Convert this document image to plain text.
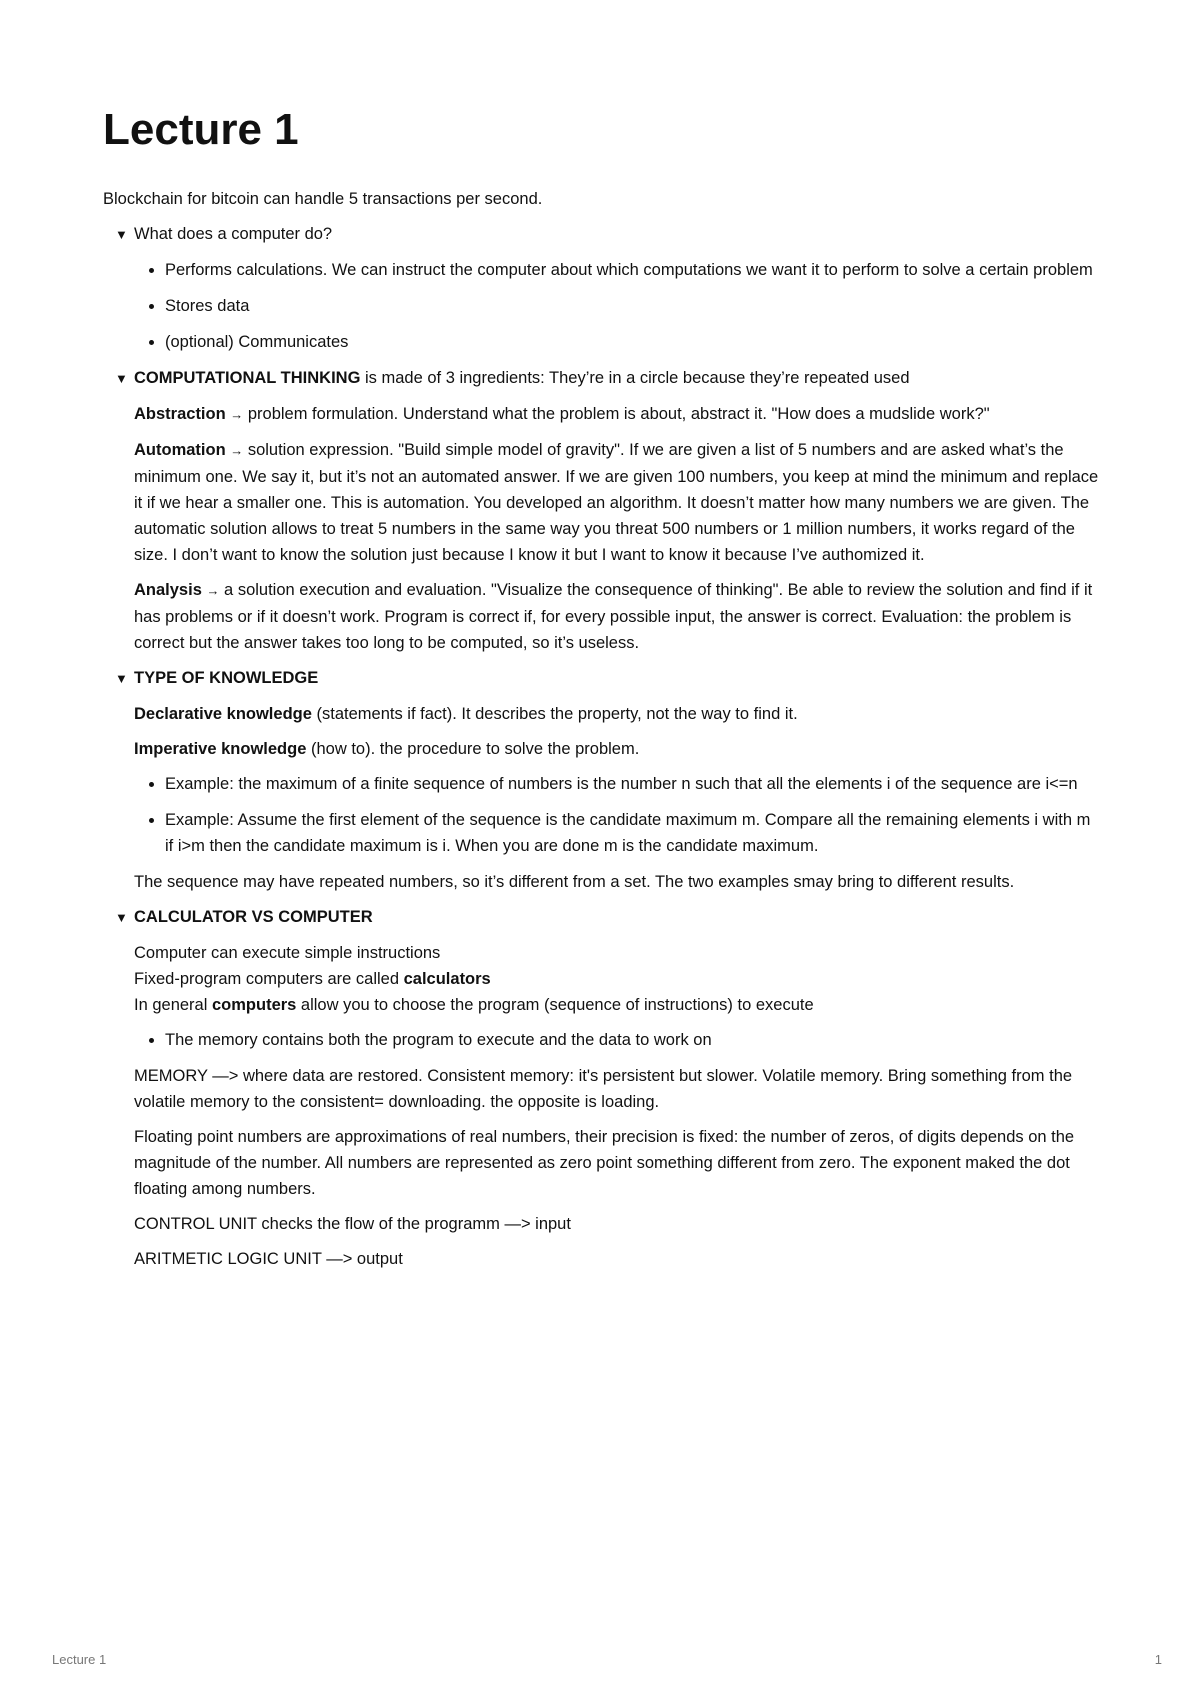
Lecture 1

Blockchain for bitcoin can handle 5 transactions per second.

▼ What does a computer do?
• Performs calculations. We can instruct the computer about which computations we want it to perform to solve a certain problem
• Stores data
• (optional) Communicates
▼ COMPUTATIONAL THINKING is made of 3 ingredients: They’re in a circle because they’re repeated used

Abstraction → problem formulation. Understand what the problem is about, abstract it. "How does a mudslide work?"

Automation → solution expression. "Build simple model of gravity". If we are given a list of 5 numbers and are asked what’s the minimum one. We say it, but it’s not an automated answer. If we are given 100 numbers, you keep at mind the minimum and replace it if we hear a smaller one. This is automation. You developed an algorithm. It doesn’t matter how many numbers we are given. The automatic solution allows to treat 5 numbers in the same way you threat 500 numbers or 1 million numbers, it works regard of the size. I don’t want to know the solution just because I know it but I want to know it because I’ve authomized it.

Analysis → a solution execution and evaluation. "Visualize the consequence of thinking". Be able to review the solution and find if it has problems or if it doesn’t work. Program is correct if, for every possible input, the answer is correct. Evaluation: the problem is correct but the answer takes too long to be computed, so it’s useless.

▼ TYPE OF KNOWLEDGE

Declarative knowledge (statements if fact). It describes the property, not the way to find it.

Imperative knowledge (how to). the procedure to solve the problem.

• Example: the maximum of a finite sequence of numbers is the number n such that all the elements i of the sequence are i<=n
• Example: Assume the first element of the sequence is the candidate maximum m. Compare all the remaining elements i with m if i>m then the candidate maximum is i. When you are done m is the candidate maximum.

The sequence may have repeated numbers, so it’s different from a set. The two examples smay bring to different results.

▼ CALCULATOR VS COMPUTER

Computer can execute simple instructions

Fixed-program computers are called calculators

In general computers allow you to choose the program (sequence of instructions) to execute

• The memory contains both the program to execute and the data to work on

MEMORY —> where data are restored. Consistent memory: it's persistent but slower. Volatile memory. Bring something from the volatile memory to the consistent= downloading. the opposite is loading.

Floating point numbers are approximations of real numbers, their precision is fixed: the number of zeros, of digits depends on the magnitude of the number. All numbers are represented as zero point something different from zero. The exponent maked the dot floating among numbers.

CONTROL UNIT checks the flow of the programm —> input

ARITMETIC LOGIC UNIT —> output

Lecture 1	1
